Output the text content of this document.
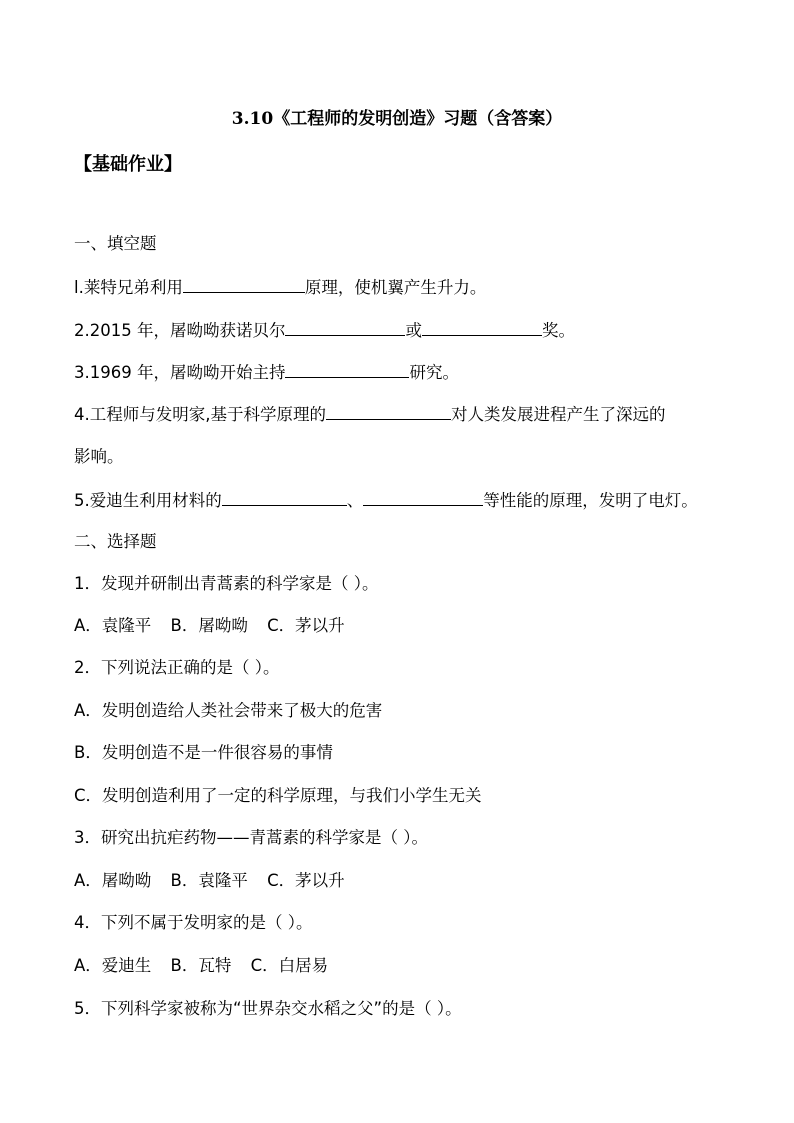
3.10《工程师的发明创造》习题（含答案）
【基础作业】
一、填空题
l.莱特兄弟利用	原理，使机翼产生升力。
2.2015 年，屠呦呦获诺贝尔	或	奖。
3.1969 年，屠呦呦开始主持	研究。
4.工程师与发明家,基于科学原理的	对人类发展进程产生了深远的
影响。
5.爱迪生利用材料的	、	等性能的原理，发明了电灯。
二、选择题
1．发现并研制出青蒿素的科学家是（ ）。
A．袁隆平 B．屠呦呦 C．茅以升
2．下列说法正确的是（ ）。
A．发明创造给人类社会带来了极大的危害
B．发明创造不是一件很容易的事情
C．发明创造利用了一定的科学原理，与我们小学生无关
3．研究出抗疟药物——青蒿素的科学家是（ ）。
A．屠呦呦 B．袁隆平 C．茅以升
4．下列不属于发明家的是（ ）。
A．爱迪生 B．瓦特 C．白居易
5．下列科学家被称为“世界杂交水稻之父”的是（ ）。
